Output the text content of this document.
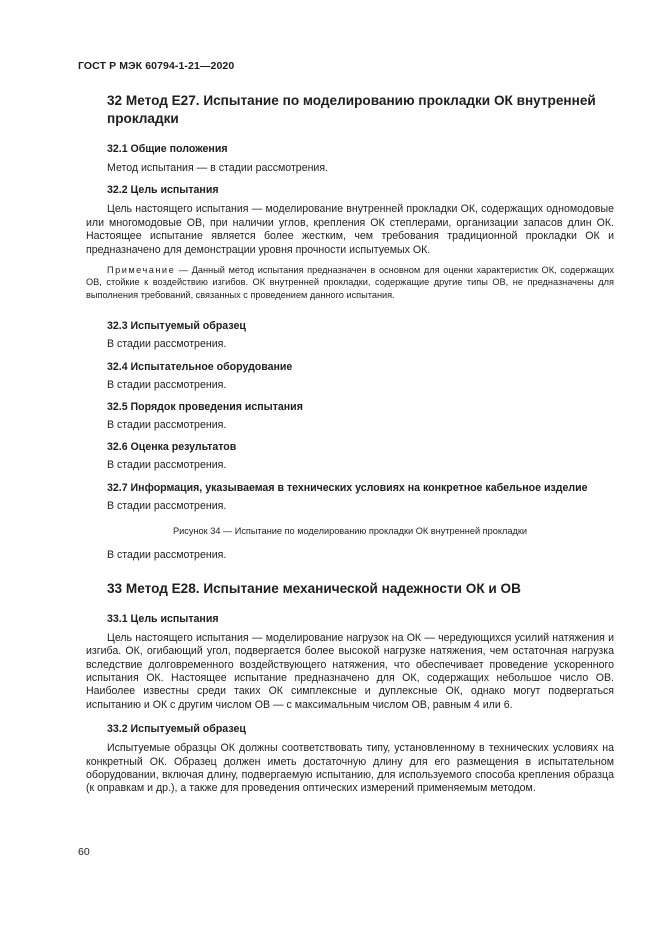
ГОСТ Р МЭК 60794-1-21—2020
32 Метод Е27. Испытание по моделированию прокладки ОК внутренней прокладки
32.1 Общие положения

Метод испытания — в стадии рассмотрения.

32.2 Цель испытания

Цель настоящего испытания — моделирование внутренней прокладки ОК, содержащих одномодовые или многомодовые ОВ, при наличии углов, крепления ОК степлерами, организации запасов длин ОК. Настоящее испытание является более жестким, чем требования традиционной прокладки ОК и предназначено для демонстрации уровня прочности испытуемых ОК.

Примечание — Данный метод испытания предназначен в основном для оценки характеристик ОК, содержащих ОВ, стойкие к воздействию изгибов. ОК внутренней прокладки, содержащие другие типы ОВ, не предназначены для выполнения требований, связанных с проведением данного испытания.

32.3 Испытуемый образец

В стадии рассмотрения.

32.4 Испытательное оборудование

В стадии рассмотрения.

32.5 Порядок проведения испытания

В стадии рассмотрения.

32.6 Оценка результатов

В стадии рассмотрения.

32.7 Информация, указываемая в технических условиях на конкретное кабельное изделие

В стадии рассмотрения.

Рисунок 34 — Испытание по моделированию прокладки ОК внутренней прокладки

В стадии рассмотрения.

33 Метод Е28. Испытание механической надежности ОК и ОВ
33.1 Цель испытания

Цель настоящего испытания — моделирование нагрузок на ОК — чередующихся усилий натяжения и изгиба. ОК, огибающий угол, подвергается более высокой нагрузке натяжения, чем остаточная нагрузка вследствие долговременного воздействующего натяжения, что обеспечивает проведение ускоренного испытания ОК. Настоящее испытание предназначено для ОК, содержащих небольшое число ОВ. Наиболее известны среди таких ОК симплексные и дуплексные ОК, однако могут подвергаться испытанию и ОК с другим числом ОВ — с максимальным числом ОВ, равным 4 или 6.

33.2 Испытуемый образец

Испытуемые образцы ОК должны соответствовать типу, установленному в технических условиях на конкретный ОК. Образец должен иметь достаточную длину для его размещения в испытательном оборудовании, включая длину, подвергаемую испытанию, для используемого способа крепления образца (к оправкам и др.), а также для проведения оптических измерений применяемым методом.

60
